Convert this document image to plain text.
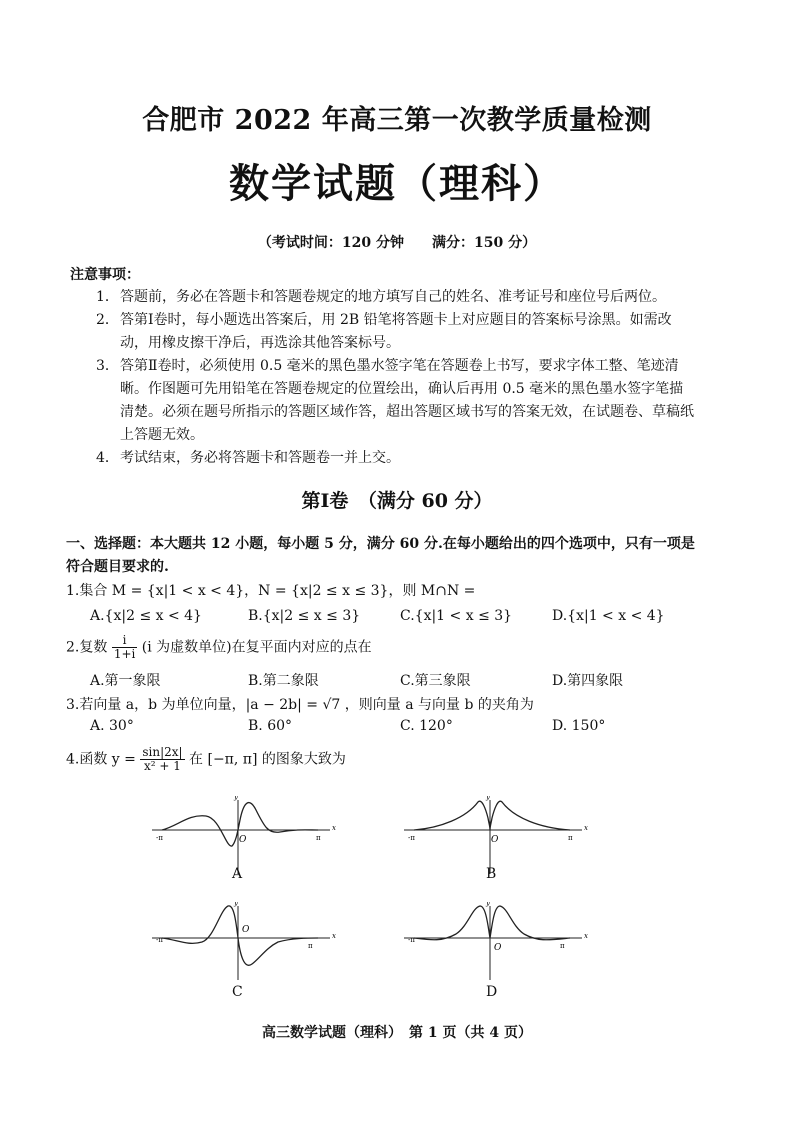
合肥市 2022 年高三第一次教学质量检测
数学试题（理科）
（考试时间：120 分钟　　满分：150 分）
注意事项：
1． 答题前，务必在答题卡和答题卷规定的地方填写自己的姓名、准考证号和座位号后两位。
2． 答第Ⅰ卷时，每小题选出答案后，用 2B 铅笔将答题卡上对应题目的答案标号涂黑。如需改动，用橡皮擦干净后，再选涂其他答案标号。
3． 答第Ⅱ卷时，必须使用 0.5 毫米的黑色墨水签字笔在答题卷上书写，要求字体工整、笔迹清晰。作图题可先用铅笔在答题卷规定的位置绘出，确认后再用 0.5 毫米的黑色墨水签字笔描清楚。必须在题号所指示的答题区域作答，超出答题区域书写的答案无效，在试题卷、草稿纸上答题无效。
4． 考试结束，务必将答题卡和答题卷一并上交。
第Ⅰ卷　（满分 60 分）
一、选择题：本大题共 12 小题，每小题 5 分，满分 60 分.在每小题给出的四个选项中，只有一项是符合题目要求的.
1.集合 M = {x|1 < x < 4}，N = {x|2 ≤ x ≤ 3}，则 M∩N =
A.{x|2 ≤ x < 4}	B.{x|2 ≤ x ≤ 3}	C.{x|1 < x ≤ 3}	D.{x|1 < x < 4}
2.复数 $\frac{i}{1+i} (i$ 为虚数单位)在复平面内对应的点在
A.第一象限	B.第二象限	C.第三象限	D.第四象限
3.若向量 a，b 为单位向量，|a − 2b| = √7 ，则向量 a 与向量 b 的夹角为
A. 30°	B. 60°	C. 120°	D. 150°
4.函数 $y = \frac{\sin|2x|}{\text{x² + 1}}$ 在 [−π, π] 的图象大致为
y
x
O
-π	π
A
y
x
O
-π	π
B
y
x
O
-π
π
C
y
x
O
-π
π
D
高三数学试题（理科）　第 1 页（共 4 页）
